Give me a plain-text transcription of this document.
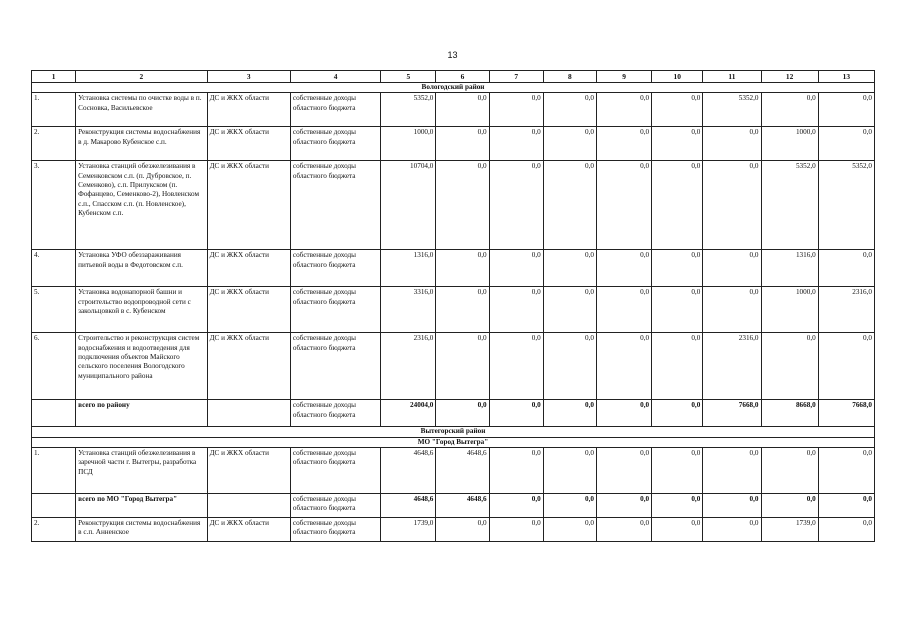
13
1	2	3	4	5	6	7	8	9	10	11	12	13
Вологодский район												
1.	Установка системы по очистке воды в п. Сосновка, Васильевское	ДС и ЖКХ области	собственные доходы областного бюджета	5352,0	0,0	0,0	0,0	0,0	0,0	5352,0	0,0	0,0
2.	Реконструкция системы водоснабжения в д. Макарово Кубенское с.п.	ДС и ЖКХ области	собственные доходы областного бюджета	1000,0	0,0	0,0	0,0	0,0	0,0	0,0	1000,0	0,0
3.	Установка станций обезжелезивания в Семенковском с.п. (п. Дубровское, п. Семенково), с.п. Прилукском (п. Фофанцево, Семенково-2), Новленском с.п., Спасском с.п. (п. Новленское), Кубенском с.п.	ДС и ЖКХ области	собственные доходы областного бюджета	10704,0	0,0	0,0	0,0	0,0	0,0	0,0	5352,0	5352,0
4.	Установка УФО обеззараживания питьевой воды в Федотовском с.п.	ДС и ЖКХ области	собственные доходы областного бюджета	1316,0	0,0	0,0	0,0	0,0	0,0	0,0	1316,0	0,0
5.	Установка водонапорной башни и строительство водопроводной сети с закольцовкой в с. Кубенском	ДС и ЖКХ области	собственные доходы областного бюджета	3316,0	0,0	0,0	0,0	0,0	0,0	0,0	1000,0	2316,0
6.	Строительство и реконструкция систем водоснабжения и водоотведения для подключения объектов Майского сельского поселения Вологодского муниципального района	ДС и ЖКХ области	собственные доходы областного бюджета	2316,0	0,0	0,0	0,0	0,0	0,0	2316,0	0,0	0,0
	всего по району		собственные доходы областного бюджета	24004,0	0,0	0,0	0,0	0,0	0,0	7668,0	8668,0	7668,0
Вытегорский район												
МО "Город Вытегра"												
1.	Установка станций обезжелезивания в заречной части г. Вытегры, разработка ПСД	ДС и ЖКХ области	собственные доходы областного бюджета	4648,6	4648,6	0,0	0,0	0,0	0,0	0,0	0,0	0,0
	всего по МО "Город Вытегра"		собственные доходы областного бюджета	4648,6	4648,6	0,0	0,0	0,0	0,0	0,0	0,0	0,0
2.	Реконструкция системы водоснабжения в с.п. Анненское	ДС и ЖКХ области	собственные доходы областного бюджета	1739,0	0,0	0,0	0,0	0,0	0,0	0,0	1739,0	0,0
